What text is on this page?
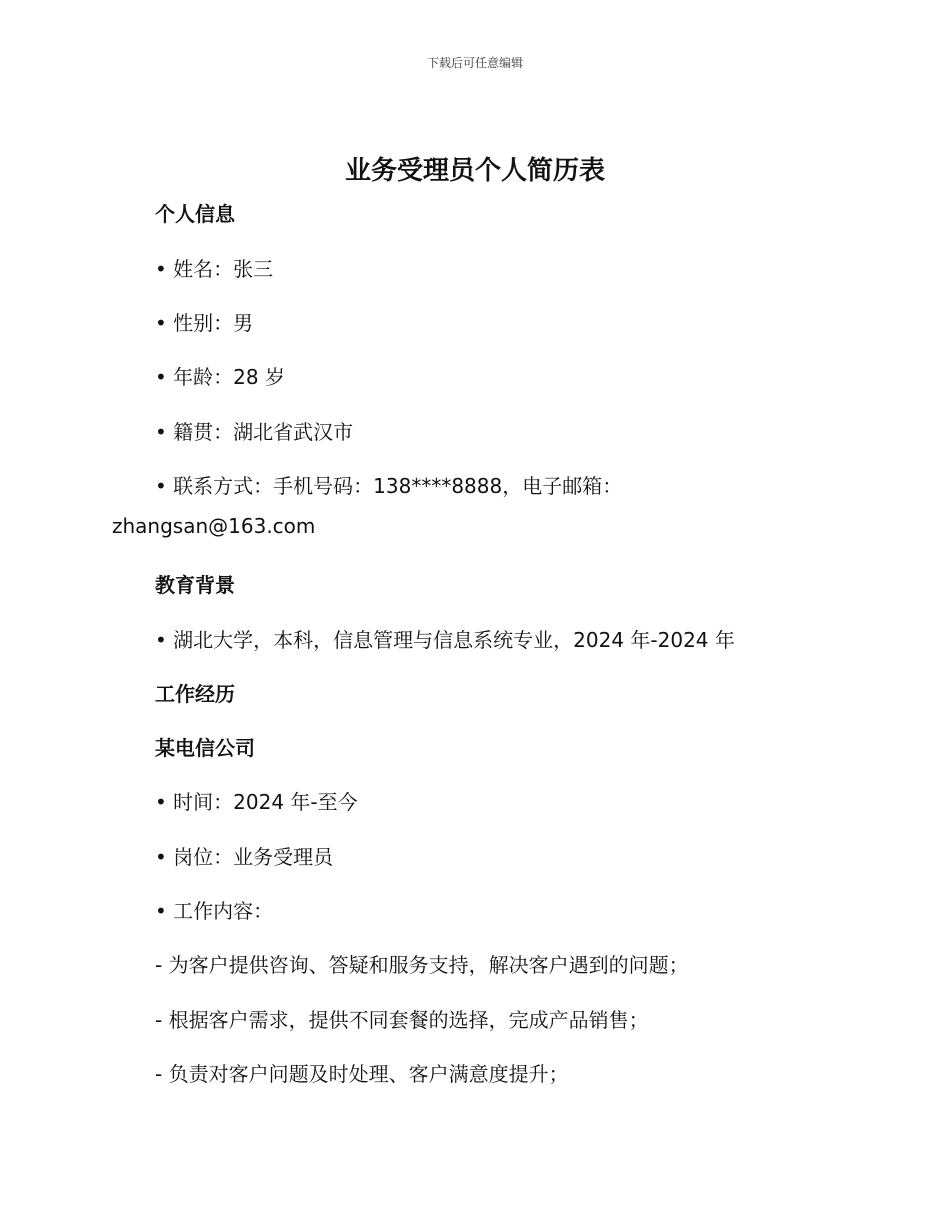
下载后可任意编辑
业务受理员个人简历表

个人信息

• 姓名：张三

• 性别：男

• 年龄：28 岁

• 籍贯：湖北省武汉市

• 联系方式：手机号码：138****8888，电子邮箱：

zhangsan@163.com

教育背景

• 湖北大学，本科，信息管理与信息系统专业，2024 年-2024 年

工作经历

某电信公司

• 时间：2024 年-至今

• 岗位：业务受理员

• 工作内容：

- 为客户提供咨询、答疑和服务支持，解决客户遇到的问题；

- 根据客户需求，提供不同套餐的选择，完成产品销售；

- 负责对客户问题及时处理、客户满意度提升；
